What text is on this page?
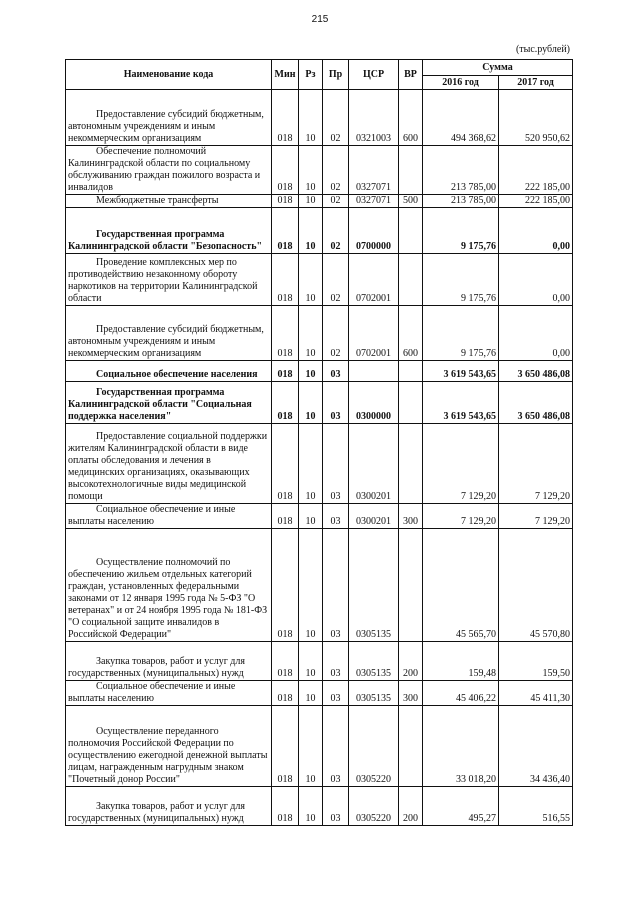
215
(тыс.рублей)
Наименование кода	Мин	Рз	Пр	ЦСР	ВР	Сумма	
						2016 год	2017 год
Предоставление субсидий бюджетным, автономным учреждениям и иным некоммерческим организациям	018	10	02	0321003	600	494 368,62	520 950,62
Обеспечение полномочий Калининградской области по социальному обслуживанию граждан пожилого возраста и инвалидов	018	10	02	0327071		213 785,00	222 185,00
Межбюджетные трансферты	018	10	02	0327071	500	213 785,00	222 185,00
Государственная программа Калининградской области "Безопасность"	018	10	02	0700000		9 175,76	0,00
Проведение комплексных мер по противодействию незаконному обороту наркотиков на территории Калининградской области	018	10	02	0702001		9 175,76	0,00
Предоставление субсидий бюджетным, автономным учреждениям и иным некоммерческим организациям	018	10	02	0702001	600	9 175,76	0,00
Социальное обеспечение населения	018	10	03			3 619 543,65	3 650 486,08
Государственная программа Калининградской области "Социальная поддержка населения"	018	10	03	0300000		3 619 543,65	3 650 486,08
Предоставление социальной поддержки жителям Калининградской области в виде оплаты обследования и лечения в медицинских организациях, оказывающих высокотехнологичные виды медицинской помощи	018	10	03	0300201		7 129,20	7 129,20
Социальное обеспечение и иные выплаты населению	018	10	03	0300201	300	7 129,20	7 129,20
Осуществление полномочий по обеспечению жильем отдельных категорий граждан, установленных федеральными законами от 12 января 1995 года № 5-ФЗ "О ветеранах" и от 24 ноября 1995 года № 181-ФЗ "О социальной защите инвалидов в Российской Федерации"	018	10	03	0305135		45 565,70	45 570,80
Закупка товаров, работ и услуг для государственных (муниципальных) нужд	018	10	03	0305135	200	159,48	159,50
Социальное обеспечение и иные выплаты населению	018	10	03	0305135	300	45 406,22	45 411,30
Осуществление переданного полномочия Российской Федерации по осуществлению ежегодной денежной выплаты лицам, награжденным нагрудным знаком "Почетный донор России"	018	10	03	0305220		33 018,20	34 436,40
Закупка товаров, работ и услуг для государственных (муниципальных) нужд	018	10	03	0305220	200	495,27	516,55
